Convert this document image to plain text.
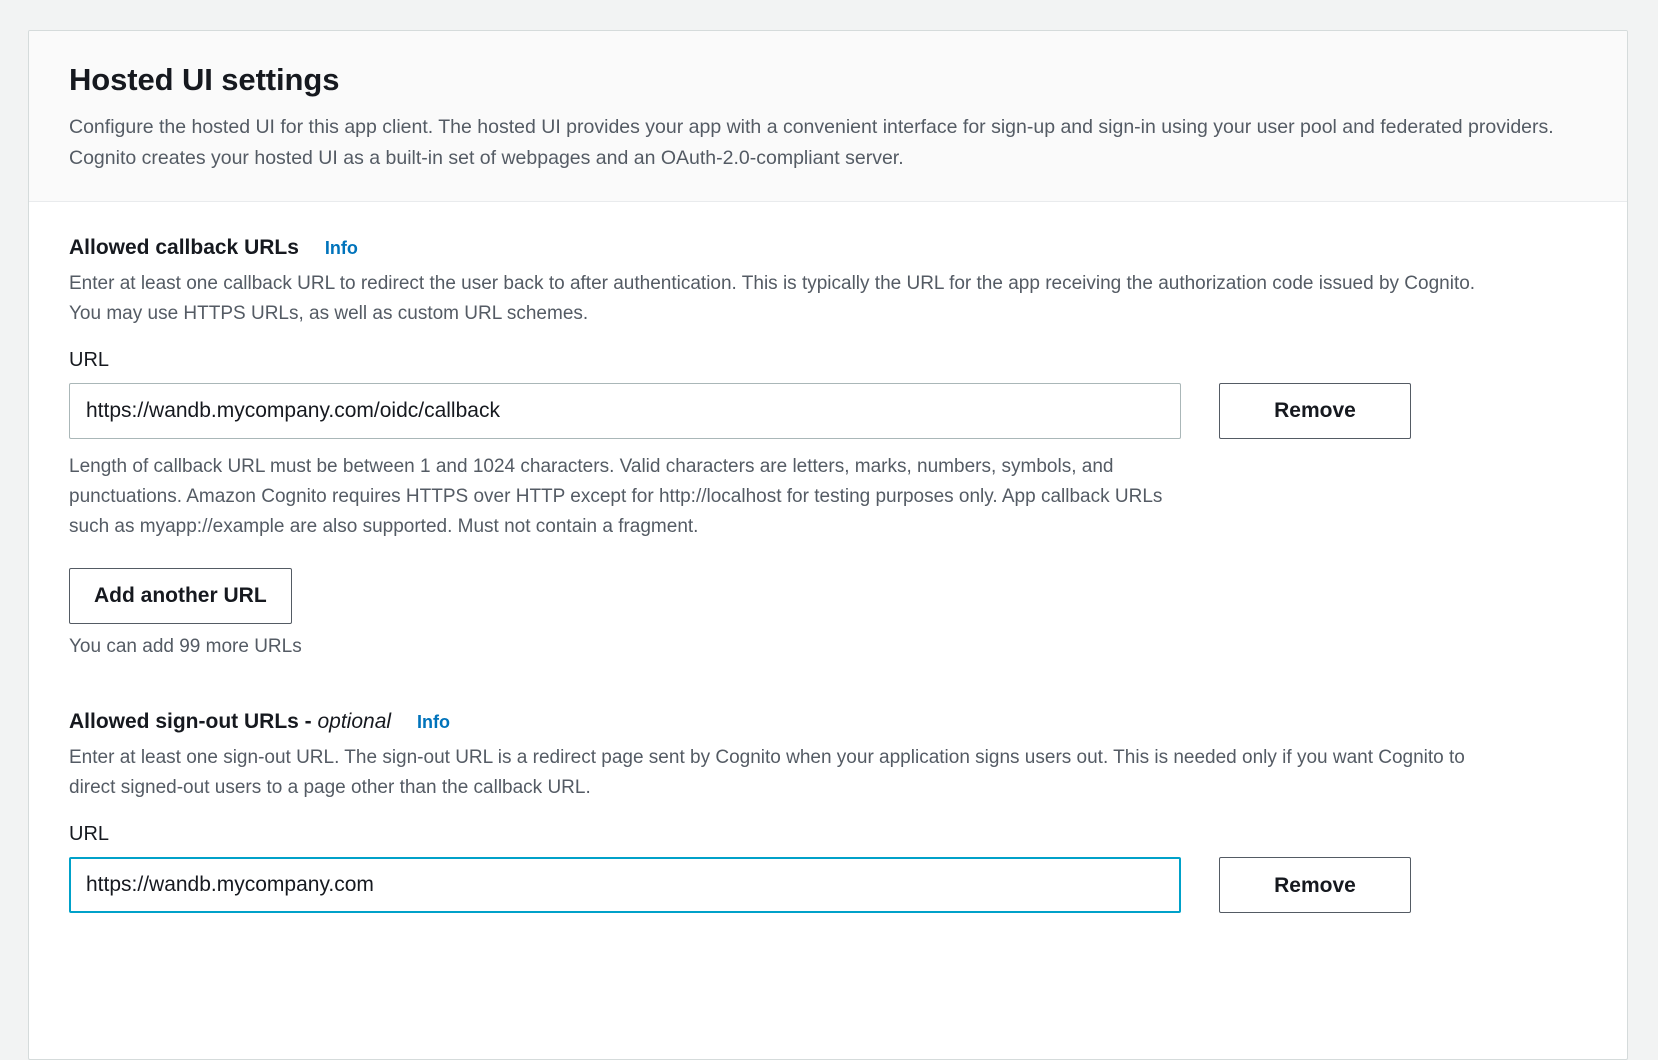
Hosted UI settings

Configure the hosted UI for this app client. The hosted UI provides your app with a convenient interface for sign-up and sign-in using your user pool and federated providers. Cognito creates your hosted UI as a built-in set of webpages and an OAuth-2.0-compliant server.

Allowed callback URLs Info

Enter at least one callback URL to redirect the user back to after authentication. This is typically the URL for the app receiving the authorization code issued by Cognito. You may use HTTPS URLs, as well as custom URL schemes.

URL
https://wandb.mycompany.com/oidc/callback
Remove

Length of callback URL must be between 1 and 1024 characters. Valid characters are letters, marks, numbers, symbols, and punctuations. Amazon Cognito requires HTTPS over HTTP except for http://localhost for testing purposes only. App callback URLs such as myapp://example are also supported. Must not contain a fragment.

Add another URL

You can add 99 more URLs

Allowed sign-out URLs - optional Info

Enter at least one sign-out URL. The sign-out URL is a redirect page sent by Cognito when your application signs users out. This is needed only if you want Cognito to direct signed-out users to a page other than the callback URL.

URL
https://wandb.mycompany.com
Remove
